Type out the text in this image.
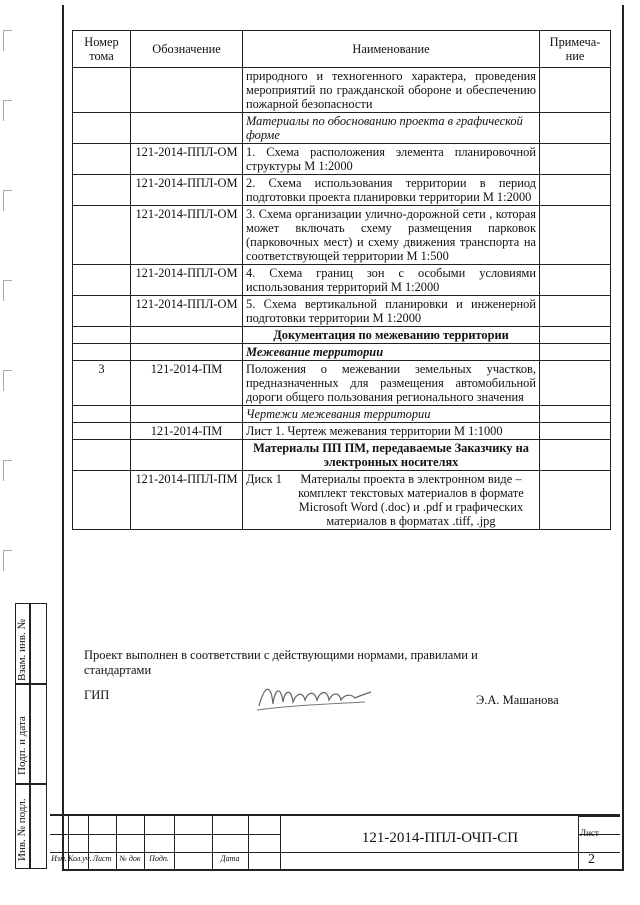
Номер тома	Обозначение	Наименование	Примеча-ние
		природного и техногенного характера, проведения мероприятий по гражданской обороне и обеспечению пожарной безопасности	
		Материалы по обоснованию проекта в графической форме	
	121-2014-ППЛ-ОМ	1. Схема расположения элемента планировочной структуры М 1:2000	
	121-2014-ППЛ-ОМ	2. Схема использования территории в период подготовки проекта планировки территории М 1:2000	
	121-2014-ППЛ-ОМ	3. Схема организации улично-дорожной сети , которая может включать схему размещения парковок (парковочных мест) и схему движения транспорта на соответствующей территории М 1:500	
	121-2014-ППЛ-ОМ	4. Схема границ зон с особыми условиями использования территорий М 1:2000	
	121-2014-ППЛ-ОМ	5. Схема вертикальной планировки и инженерной подготовки территории М 1:2000	
		Документация по межеванию территории	
		Межевание территории	
3	121-2014-ПМ	Положения о межевании земельных участков, предназначенных для размещения автомобильной дороги общего пользования регионального значения	
		Чертежи межевания территории	
	121-2014-ПМ	Лист 1. Чертеж межевания территории М 1:1000	
		Материалы ПП ПМ, передаваемые Заказчику на электронных носителях	
	121-2014-ППЛ-ПМ	Диск 1 Материалы проекта в электронном виде – комплект текстовых материалов в формате Microsoft Word (.doc) и .pdf и графических материалов в форматах .tiff, .jpg	

Проект выполнен в соответствии с действующими нормами, правилами и стандартами
ГИП	Э.А. Машанова
Взам. инв. №
Подп. и дата
Инв. № подл.	Изм. Кол.уч. Лист № док	Подп.	Дата
121-2014-ППЛ-ОЧП-СП	Лист
2
